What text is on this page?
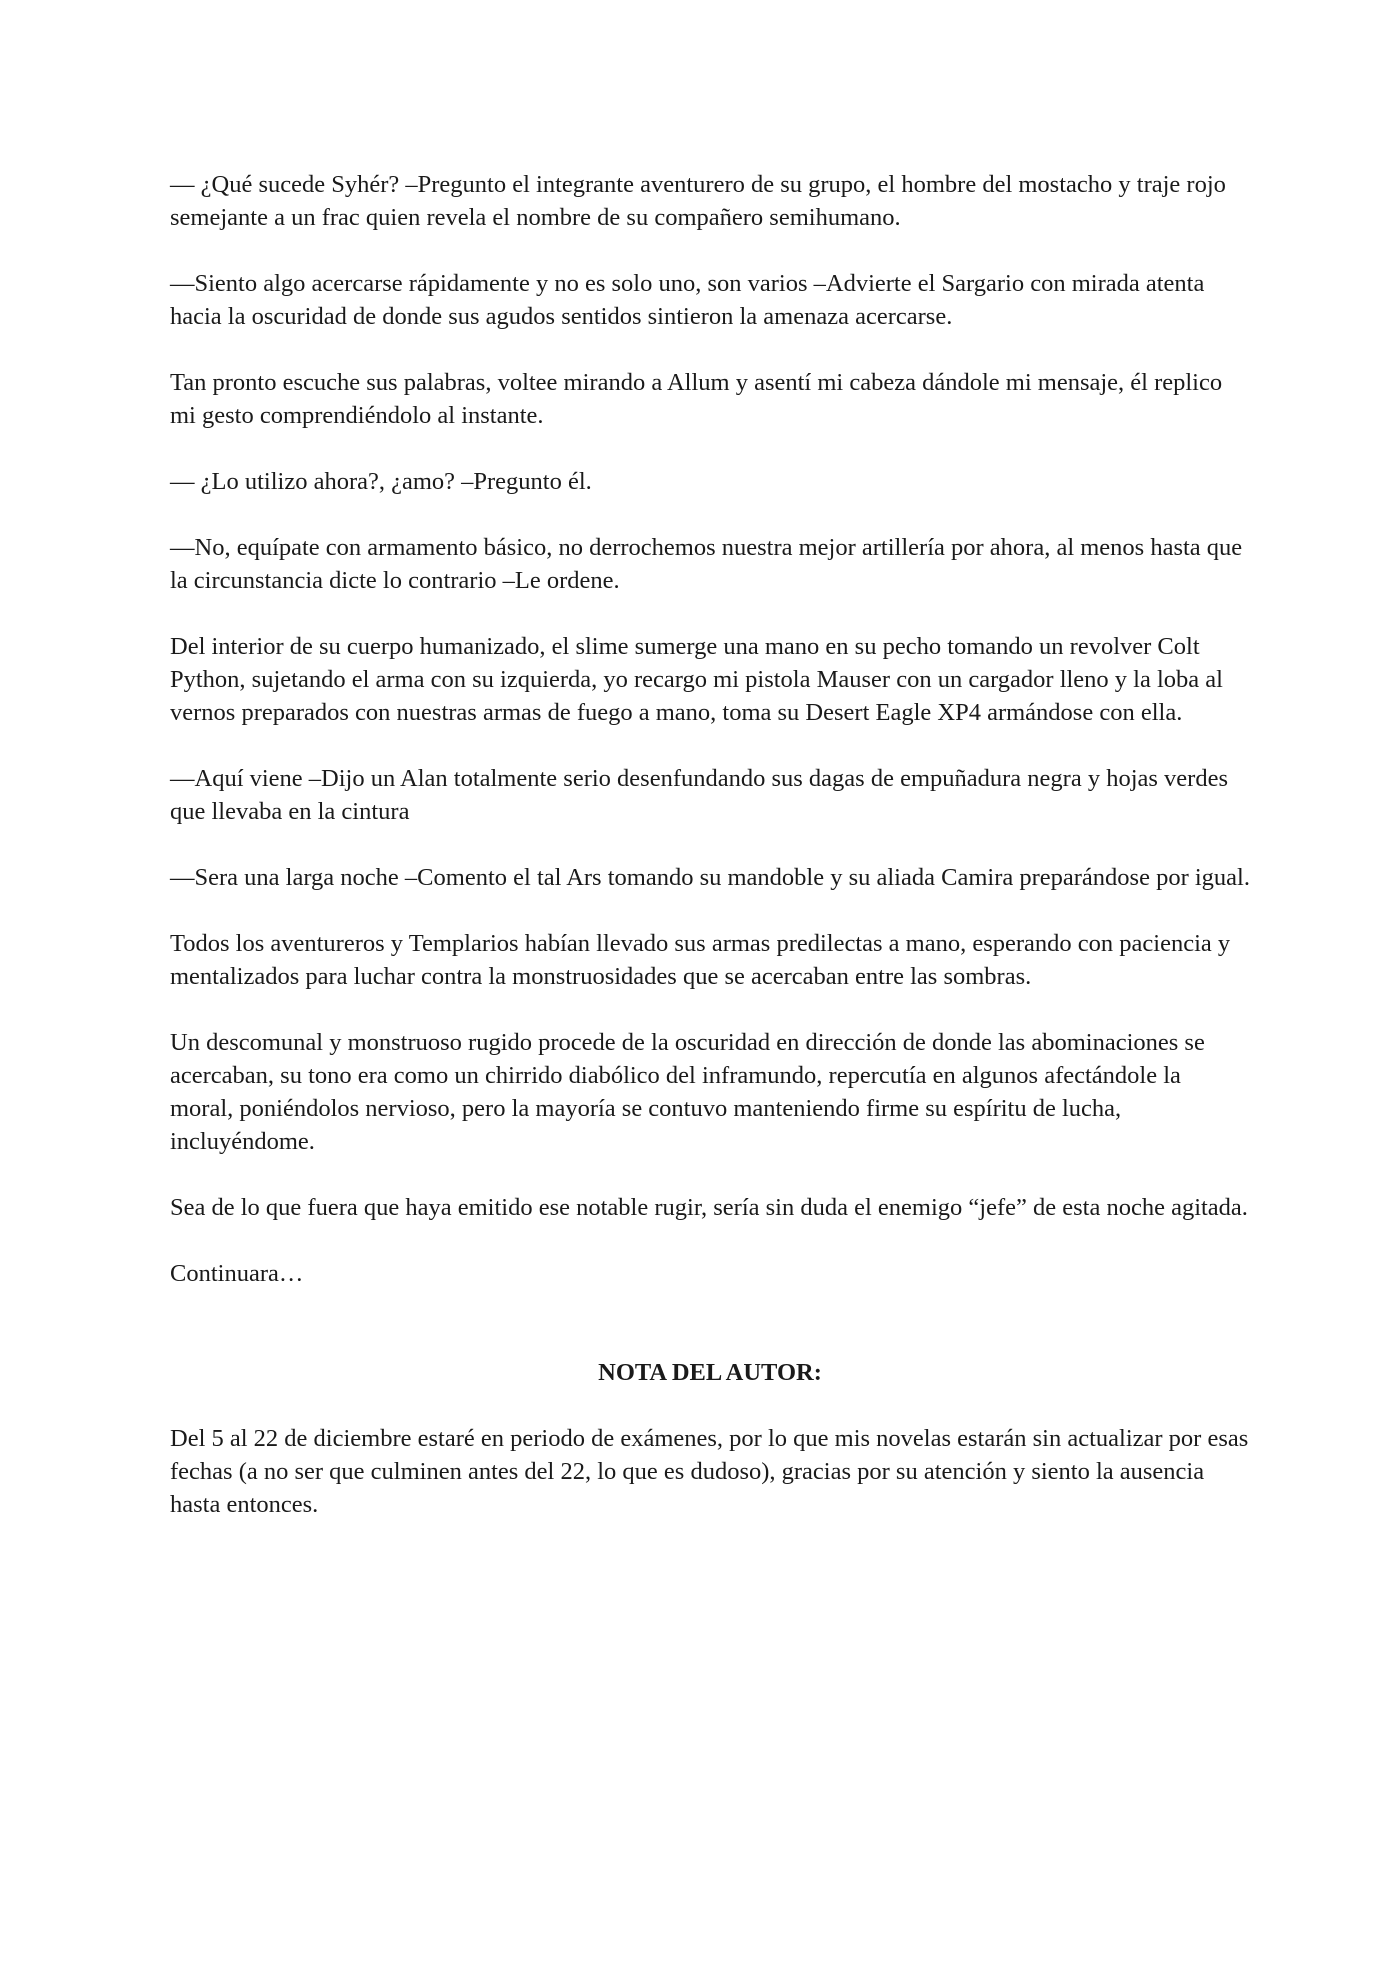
— ¿Qué sucede Syhér? –Pregunto el integrante aventurero de su grupo, el hombre del mostacho y traje rojo semejante a un frac quien revela el nombre de su compañero semihumano.

—Siento algo acercarse rápidamente y no es solo uno, son varios –Advierte el Sargario con mirada atenta hacia la oscuridad de donde sus agudos sentidos sintieron la amenaza acercarse.

Tan pronto escuche sus palabras, voltee mirando a Allum y asentí mi cabeza dándole mi mensaje, él replico mi gesto comprendiéndolo al instante.

— ¿Lo utilizo ahora?, ¿amo? –Pregunto él.

—No, equípate con armamento básico, no derrochemos nuestra mejor artillería por ahora, al menos hasta que la circunstancia dicte lo contrario –Le ordene.

Del interior de su cuerpo humanizado, el slime sumerge una mano en su pecho tomando un revolver Colt Python, sujetando el arma con su izquierda, yo recargo mi pistola Mauser con un cargador lleno y la loba al vernos preparados con nuestras armas de fuego a mano, toma su Desert Eagle XP4 armándose con ella.

—Aquí viene –Dijo un Alan totalmente serio desenfundando sus dagas de empuñadura negra y hojas verdes que llevaba en la cintura

—Sera una larga noche –Comento el tal Ars tomando su mandoble y su aliada Camira preparándose por igual.

Todos los aventureros y Templarios habían llevado sus armas predilectas a mano, esperando con paciencia y mentalizados para luchar contra la monstruosidades que se acercaban entre las sombras.

Un descomunal y monstruoso rugido procede de la oscuridad en dirección de donde las abominaciones se acercaban, su tono era como un chirrido diabólico del inframundo, repercutía en algunos afectándole la moral, poniéndolos nervioso, pero la mayoría se contuvo manteniendo firme su espíritu de lucha, incluyéndome.

Sea de lo que fuera que haya emitido ese notable rugir, sería sin duda el enemigo “jefe” de esta noche agitada.

Continuara…

NOTA DEL AUTOR:

Del 5 al 22 de diciembre estaré en periodo de exámenes, por lo que mis novelas estarán sin actualizar por esas fechas (a no ser que culminen antes del 22, lo que es dudoso), gracias por su atención y siento la ausencia hasta entonces.
